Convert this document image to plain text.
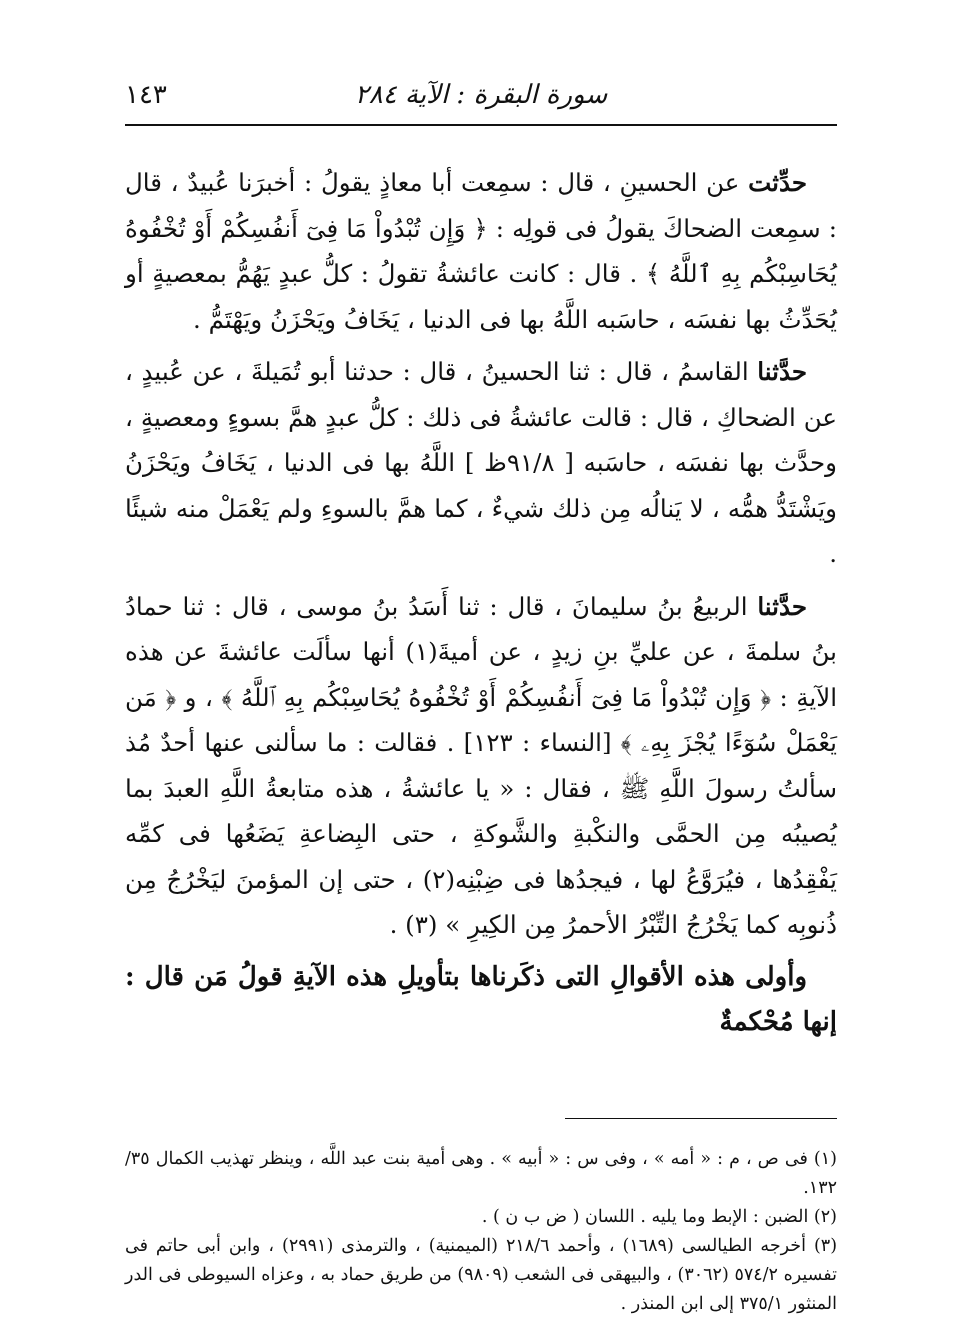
١٤٣	سورة البقرة : الآية ٢٨٤

حدِّثت عن الحسينِ ، قال : سمِعت أبا معاذٍ يقولُ : أخبرَنا عُبيدٌ ، قال : سمِعت الضحاكَ يقولُ فى قولِه : ﴿ وَإِن تُبْدُواْ مَا فِىٓ أَنفُسِكُمْ أَوْ تُخْفُوهُ يُحَاسِبْكُم بِهِ ٱللَّهُ ﴾ . قال : كانت عائشةُ تقولُ : كلُّ عبدٍ يَهُمُّ بمعصيةٍ أو يُحَدِّثُ بها نفسَه ، حاسَبه اللَّهُ بها فى الدنيا ، يَخَافُ ويَحْزَنُ ويَهْتَمُّ .

حدَّثنا القاسمُ ، قال : ثنا الحسينُ ، قال : حدثنا أبو تُمَيلةَ ، عن عُبيدٍ ، عن الضحاكِ ، قال : قالت عائشةُ فى ذلك : كلُّ عبدٍ همَّ بسوءٍ ومعصيةٍ ، وحدَّث بها نفسَه ، حاسَبه [ ٩١/٨ظ ] اللَّهُ بها فى الدنيا ، يَخَافُ ويَحْزَنُ ويَشْتَدُّ همُّه ، لا يَنالُه مِن ذلك شيءٌ ، كما همَّ بالسوءِ ولم يَعْمَلْ منه شيئًا .

حدَّثنا الربيعُ بنُ سليمانَ ، قال : ثنا أَسَدُ بنُ موسى ، قال : ثنا حمادُ بنُ سلمةَ ، عن عليِّ بنِ زيدٍ ، عن أميةَ(١) أنها سألَت عائشةَ عن هذه الآيةِ : ﴿ وَإِن تُبْدُواْ مَا فِىٓ أَنفُسِكُمْ أَوْ تُخْفُوهُ يُحَاسِبْكُم بِهِ ٱللَّهُ ﴾ ، و ﴿ مَن يَعْمَلْ سُوٓءًا يُجْزَ بِهِۦ ﴾ [النساء : ١٢٣] . فقالت : ما سألنى عنها أحدٌ مُذ سألتُ رسولَ اللَّهِ ﷺ ، فقال : « يا عائشةُ ، هذه متابعةُ اللَّهِ العبدَ بما يُصيبُه مِن الحمَّى والنكْبةِ والشَّوكةِ ، حتى البِضاعةِ يَضَعُها فى كمِّه يَفْقِدُها ، فيُرَوَّعُ لها ، فيجدُها فى ضِبْنِه(٢) ، حتى إن المؤمنَ ليَخْرُجُ مِن ذُنوبِه كما يَخْرُجُ التِّبْرُ الأحمرُ مِن الكِيرِ » (٣) .

وأولى هذه الأقوالِ التى ذكَرناها بتأويلِ هذه الآيةِ قولُ مَن قال : إنها مُحْكمةٌ

(١) فى ص ، م : « أمه » ، وفى س : « أبيه » . وهى أمية بنت عبد اللَّه ، وينظر تهذيب الكمال ٣٥/ ١٣٢.

(٢) الضبن : الإبط وما يليه . اللسان ( ض ب ن ) .

(٣) أخرجه الطيالسى (١٦٨٩) ، وأحمد ٢١٨/٦ (الميمنية) ، والترمذى (٢٩٩١) ، وابن أبى حاتم فى تفسيره ٥٧٤/٢ (٣٠٦٢) ، والبيهقى فى الشعب (٩٨٠٩) من طريق حماد به ، وعزاه السيوطى فى الدر المنثور ٣٧٥/١ إلى ابن المنذر .
